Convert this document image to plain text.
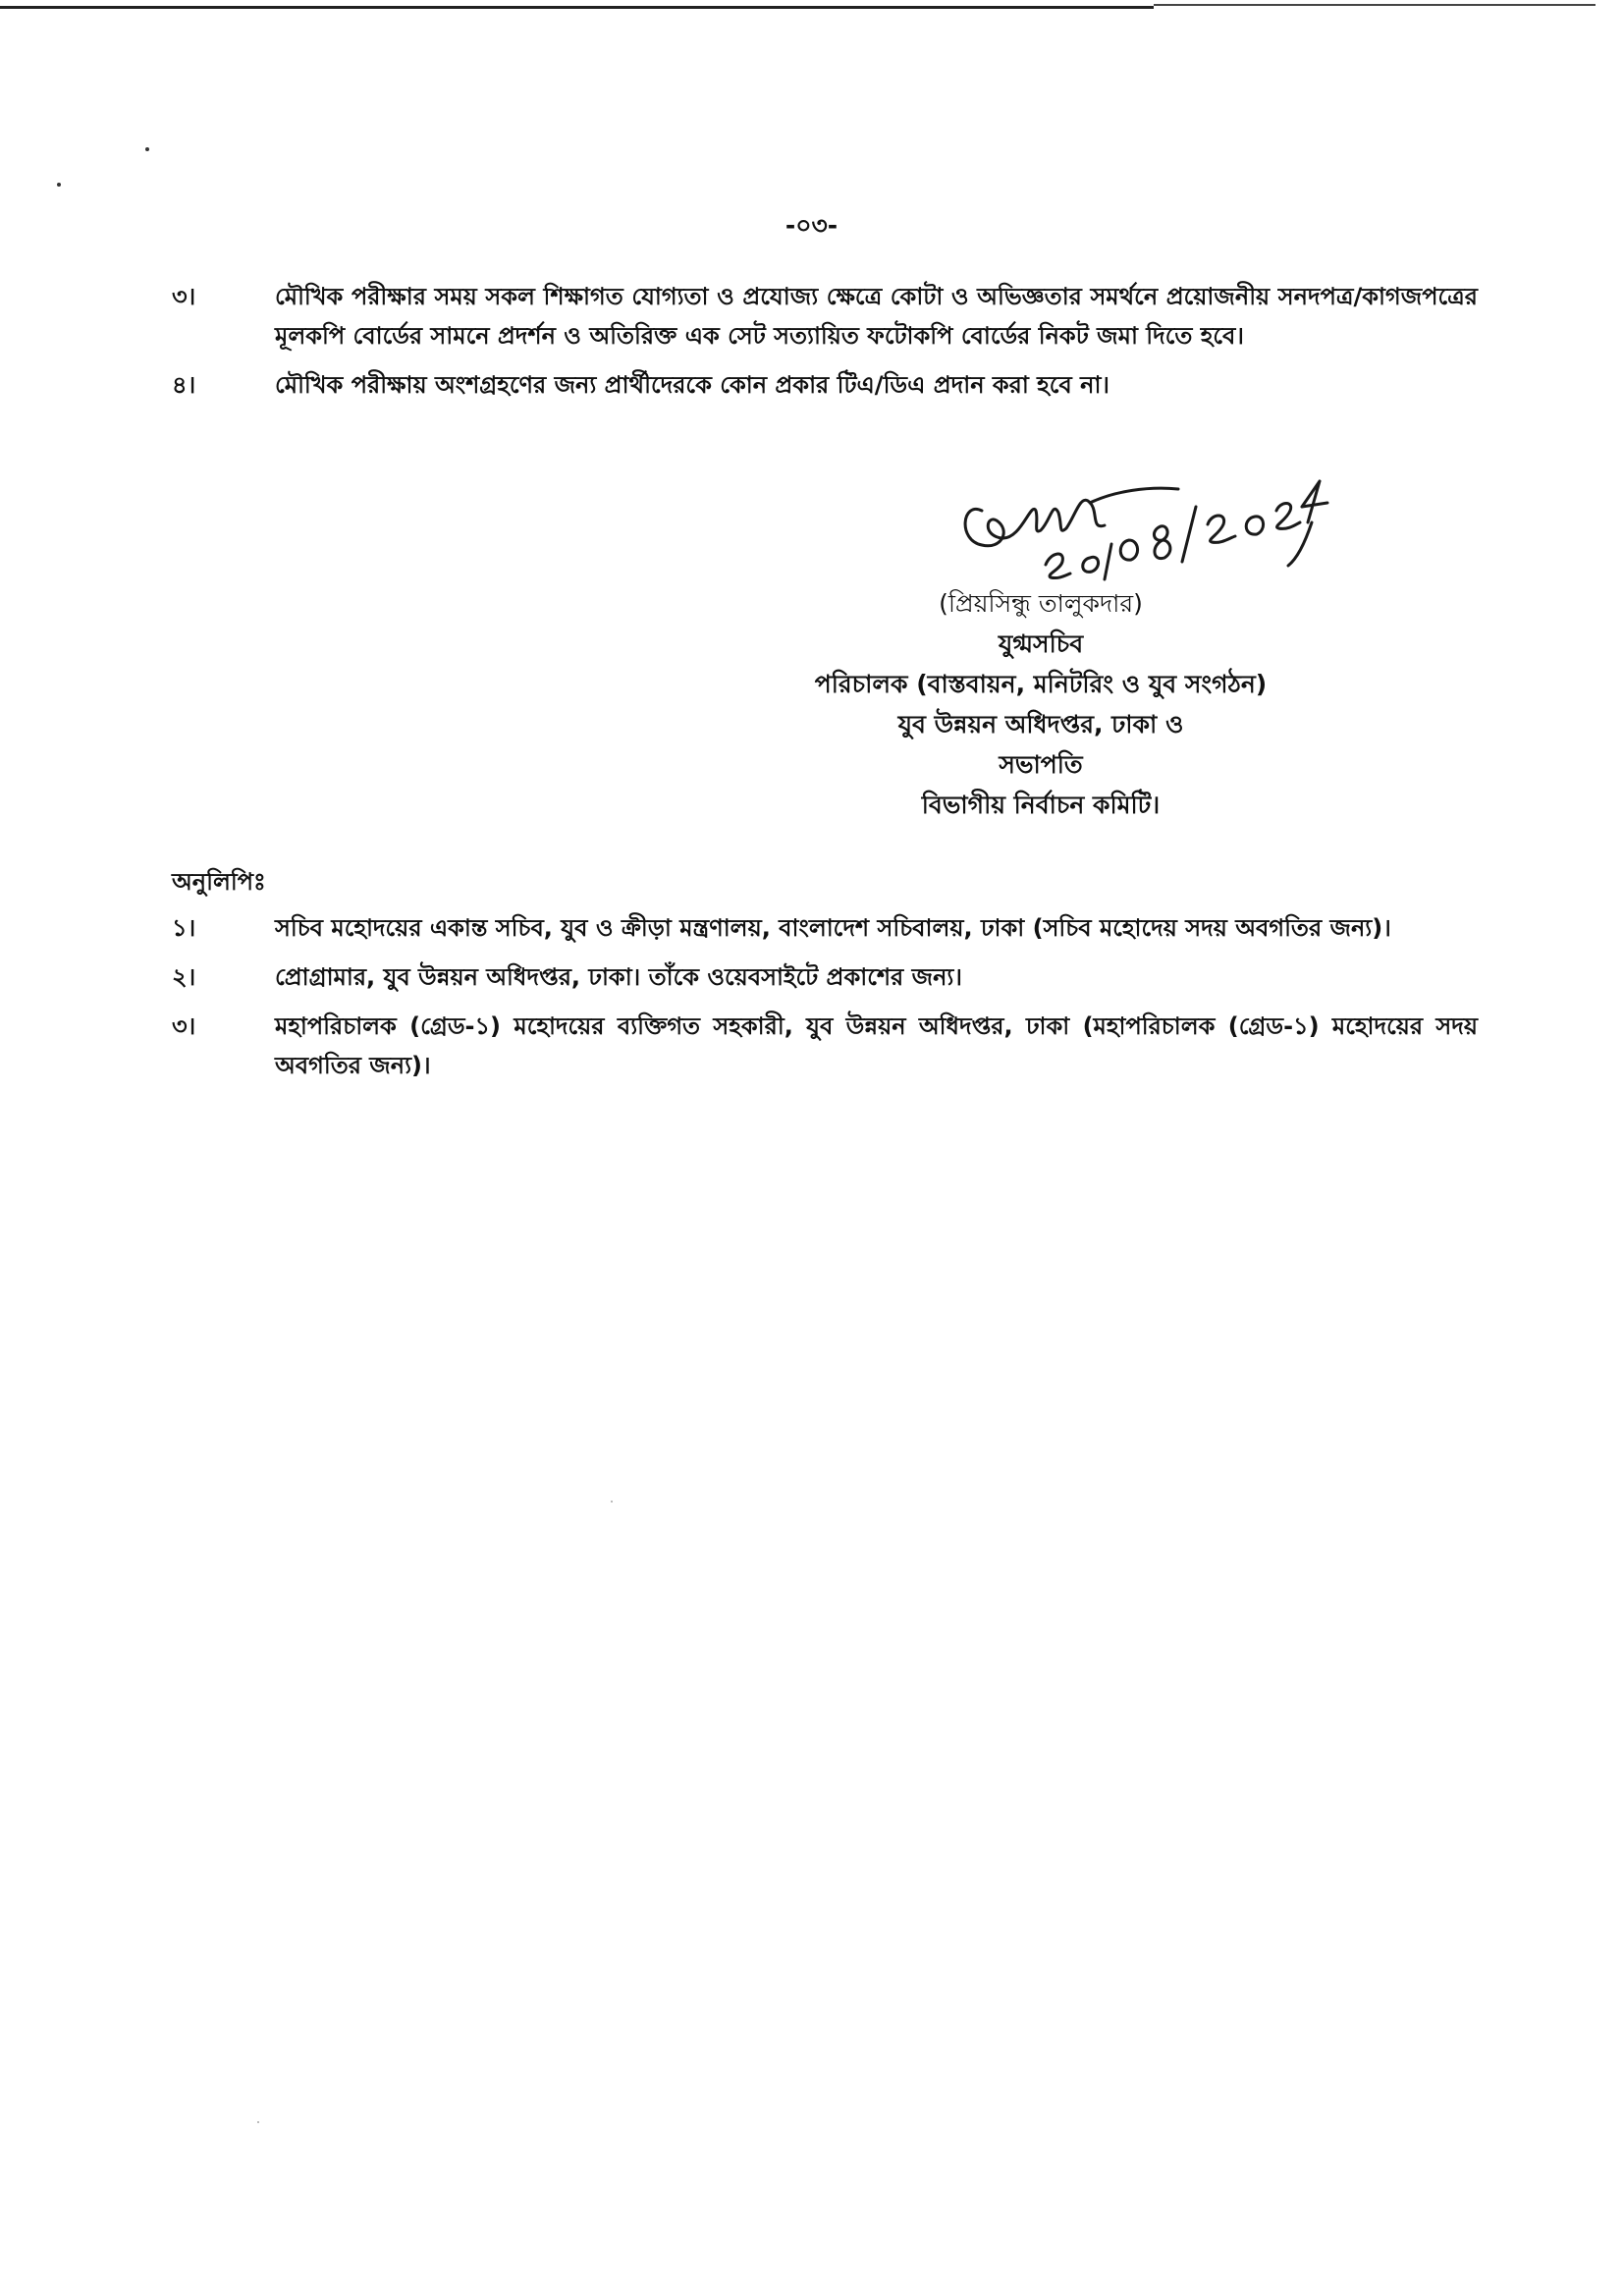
-০৩-
৩।	মৌখিক পরীক্ষার সময় সকল শিক্ষাগত যোগ্যতা ও প্রযোজ্য ক্ষেত্রে কোটা ও অভিজ্ঞতার সমর্থনে প্রয়োজনীয় সনদপত্র/কাগজপত্রের মূলকপি বোর্ডের সামনে প্রদর্শন ও অতিরিক্ত এক সেট সত্যায়িত ফটোকপি বোর্ডের নিকট জমা দিতে হবে।
৪।	মৌখিক পরীক্ষায় অংশগ্রহণের জন্য প্রার্থীদেরকে কোন প্রকার টিএ/ডিএ প্রদান করা হবে না।
(প্রিয়সিন্ধু তালুকদার)
যুগ্মসচিব
পরিচালক (বাস্তবায়ন, মনিটরিং ও যুব সংগঠন)
যুব উন্নয়ন অধিদপ্তর, ঢাকা ও
সভাপতি
বিভাগীয় নির্বাচন কমিটি।
অনুলিপিঃ
১।	সচিব মহোদয়ের একান্ত সচিব, যুব ও ক্রীড়া মন্ত্রণালয়, বাংলাদেশ সচিবালয়, ঢাকা (সচিব মহোদেয় সদয় অবগতির জন্য)।
২।	প্রোগ্রামার, যুব উন্নয়ন অধিদপ্তর, ঢাকা। তাঁকে ওয়েবসাইটে প্রকাশের জন্য।
৩।	মহাপরিচালক (গ্রেড-১) মহোদয়ের ব্যক্তিগত সহকারী, যুব উন্নয়ন অধিদপ্তর, ঢাকা (মহাপরিচালক (গ্রেড-১) মহোদয়ের সদয় অবগতির জন্য)।
